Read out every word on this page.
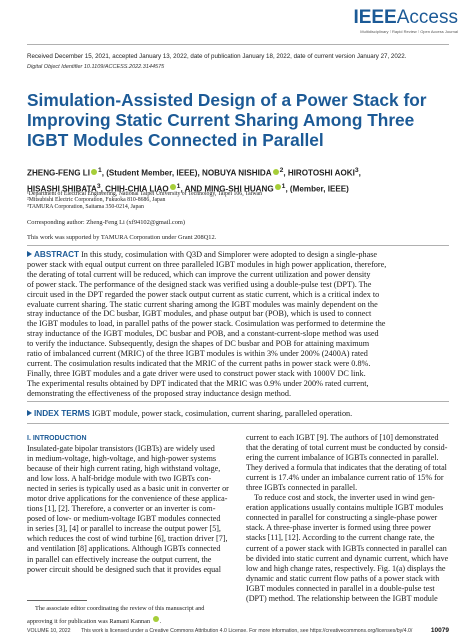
IEEEAccess
Multidisciplinary ⁝ Rapid Review ⁝ Open Access Journal
Received December 15, 2021, accepted January 13, 2022, date of publication January 18, 2022, date of current version January 27, 2022.
Digital Object Identifier 10.1109/ACCESS.2022.3144575
Simulation-Assisted Design of a Power Stack for
Improving Static Current Sharing Among Three
IGBT Modules Connected in Parallel
ZHENG-FENG LI $^1$, (Student Member, IEEE), NOBUYA NISHIDA $^2$, HIROTOSHI AOKI$^3$,
HISASHI SHIBATA$^3$, CHIH-CHIA LIAO $^1$, AND MING-SHI HUANG $^1$, (Member, IEEE)
¹Department of Electrical Engineering, National Taipei University of Technology, Taipei 106, Taiwan
²Mitsubishi Electric Corporation, Fukuoka 810-8686, Japan
³TAMURA Corporation, Saitama 350-0214, Japan
Corresponding author: Zheng-Feng Li (xf94102@gmail.com)
This work was supported by TAMURA Corporation under Grant 208Q12.
ABSTRACT In this study, cosimulation with Q3D and Simplorer were adopted to design a single-phase
power stack with equal output current on three paralleled IGBT modules in high power application, therefore,
the derating of total current will be reduced, which can improve the current utilization and power density
of power stack. The performance of the designed stack was verified using a double-pulse test (DPT). The
circuit used in the DPT regarded the power stack output current as static current, which is a critical index to
evaluate current sharing. The static current sharing among the IGBT modules was mainly dependent on the
stray inductance of the DC busbar, IGBT modules, and phase output bar (POB), which is used to connect
the IGBT modules to load, in parallel paths of the power stack. Cosimulation was performed to determine the
stray inductance of the IGBT modules, DC busbar and POB, and a constant-current-slope method was used
to verify the inductance. Subsequently, design the shapes of DC busbar and POB for attaining maximum
ratio of imbalanced current (MRIC) of the three IGBT modules is within 3% under 200% (2400A) rated
current. The cosimulation results indicated that the MRIC of the current paths in power stack were 0.8%.
Finally, three IGBT modules and a gate driver were used to construct power stack with 1000V DC link.
The experimental results obtained by DPT indicated that the MRIC was 0.9% under 200% rated current,
demonstrating the effectiveness of the proposed stray inductance design method.
INDEX TERMS IGBT module, power stack, cosimulation, current sharing, paralleled operation.
I. INTRODUCTION
Insulated-gate bipolar transistors (IGBTs) are widely used
in medium-voltage, high-voltage, and high-power systems
because of their high current rating, high withstand voltage,
and low loss. A half-bridge module with two IGBTs con-
nected in series is typically used as a basic unit in converter or
motor drive applications for the convenience of these applica-
tions [1], [2]. Therefore, a converter or an inverter is com-
posed of low- or medium-voltage IGBT modules connected
in series [3], [4] or parallel to increase the output power [5],
which reduces the cost of wind turbine [6], traction driver [7],
and ventilation [8] applications. Although IGBTs connected
in parallel can effectively increase the output current, the
power circuit should be designed such that it provides equal
current to each IGBT [9]. The authors of [10] demonstrated
that the derating of total current must be conducted by consid-
ering the current imbalance of IGBTs connected in parallel.
They derived a formula that indicates that the derating of total
current is 17.4% under an imbalance current ratio of 15% for
three IGBTs connected in parallel.
To reduce cost and stock, the inverter used in wind gen-
eration applications usually contains multiple IGBT modules
connected in parallel for constructing a single-phase power
stack. A three-phase inverter is formed using three power
stacks [11], [12]. According to the current change rate, the
current of a power stack with IGBTs connected in parallel can
be divided into static current and dynamic current, which have
low and high change rates, respectively. Fig. 1(a) displays the
dynamic and static current flow paths of a power stack with
IGBT modules connected in parallel in a double-pulse test
(DPT) method. The relationship between the IGBT module
The associate editor coordinating the review of this manuscript and
approving it for publication was Ramani Kannan .
VOLUME 10, 2022 This work is licensed under a Creative Commons Attribution 4.0 License. For more information, see https://creativecommons.org/licenses/by/4.0/	10079
